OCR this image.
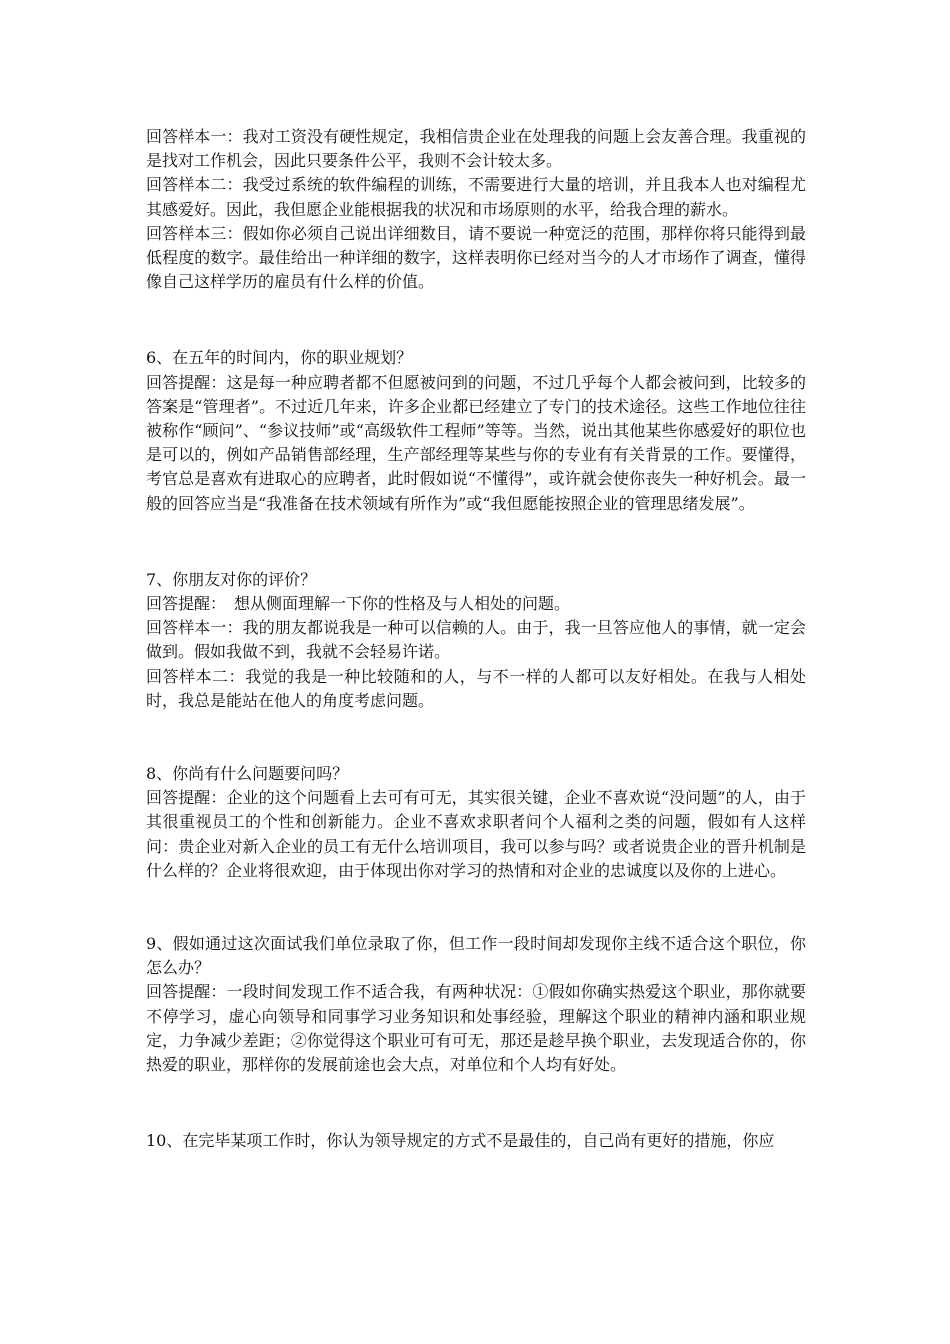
回答样本一：我对工资没有硬性规定，我相信贵企业在处理我的问题上会友善合理。我重视的是找对工作机会，因此只要条件公平，我则不会计较太多。

回答样本二：我受过系统的软件编程的训练，不需要进行大量的培训，并且我本人也对编程尤其感爱好。因此，我但愿企业能根据我的状况和市场原则的水平，给我合理的薪水。

回答样本三：假如你必须自己说出详细数目，请不要说一种宽泛的范围，那样你将只能得到最低程度的数字。最佳给出一种详细的数字，这样表明你已经对当今的人才市场作了调查，懂得像自己这样学历的雇员有什么样的价值。

6、在五年的时间内，你的职业规划？

回答提醒：这是每一种应聘者都不但愿被问到的问题，不过几乎每个人都会被问到，比较多的答案是“管理者”。不过近几年来，许多企业都已经建立了专门的技术途径。这些工作地位往往被称作“顾问”、“参议技师”或“高级软件工程师”等等。当然，说出其他某些你感爱好的职位也是可以的，例如产品销售部经理，生产部经理等某些与你的专业有有关背景的工作。要懂得，考官总是喜欢有进取心的应聘者，此时假如说“不懂得”，或许就会使你丧失一种好机会。最一般的回答应当是“我准备在技术领域有所作为”或“我但愿能按照企业的管理思绪发展”。

7、你朋友对你的评价？

回答提醒：　想从侧面理解一下你的性格及与人相处的问题。

回答样本一：我的朋友都说我是一种可以信赖的人。由于，我一旦答应他人的事情，就一定会做到。假如我做不到，我就不会轻易许诺。

回答样本二：我觉的我是一种比较随和的人，与不一样的人都可以友好相处。在我与人相处时，我总是能站在他人的角度考虑问题。

8、你尚有什么问题要问吗？

回答提醒：企业的这个问题看上去可有可无，其实很关键，企业不喜欢说“没问题”的人，由于其很重视员工的个性和创新能力。企业不喜欢求职者问个人福利之类的问题，假如有人这样问：贵企业对新入企业的员工有无什么培训项目，我可以参与吗？或者说贵企业的晋升机制是什么样的？企业将很欢迎，由于体现出你对学习的热情和对企业的忠诚度以及你的上进心。

9、假如通过这次面试我们单位录取了你，但工作一段时间却发现你主线不适合这个职位，你怎么办？

回答提醒：一段时间发现工作不适合我，有两种状况：①假如你确实热爱这个职业，那你就要不停学习，虚心向领导和同事学习业务知识和处事经验，理解这个职业的精神内涵和职业规定，力争减少差距；②你觉得这个职业可有可无，那还是趁早换个职业，去发现适合你的，你热爱的职业，那样你的发展前途也会大点，对单位和个人均有好处。

10、在完毕某项工作时，你认为领导规定的方式不是最佳的，自己尚有更好的措施，你应
